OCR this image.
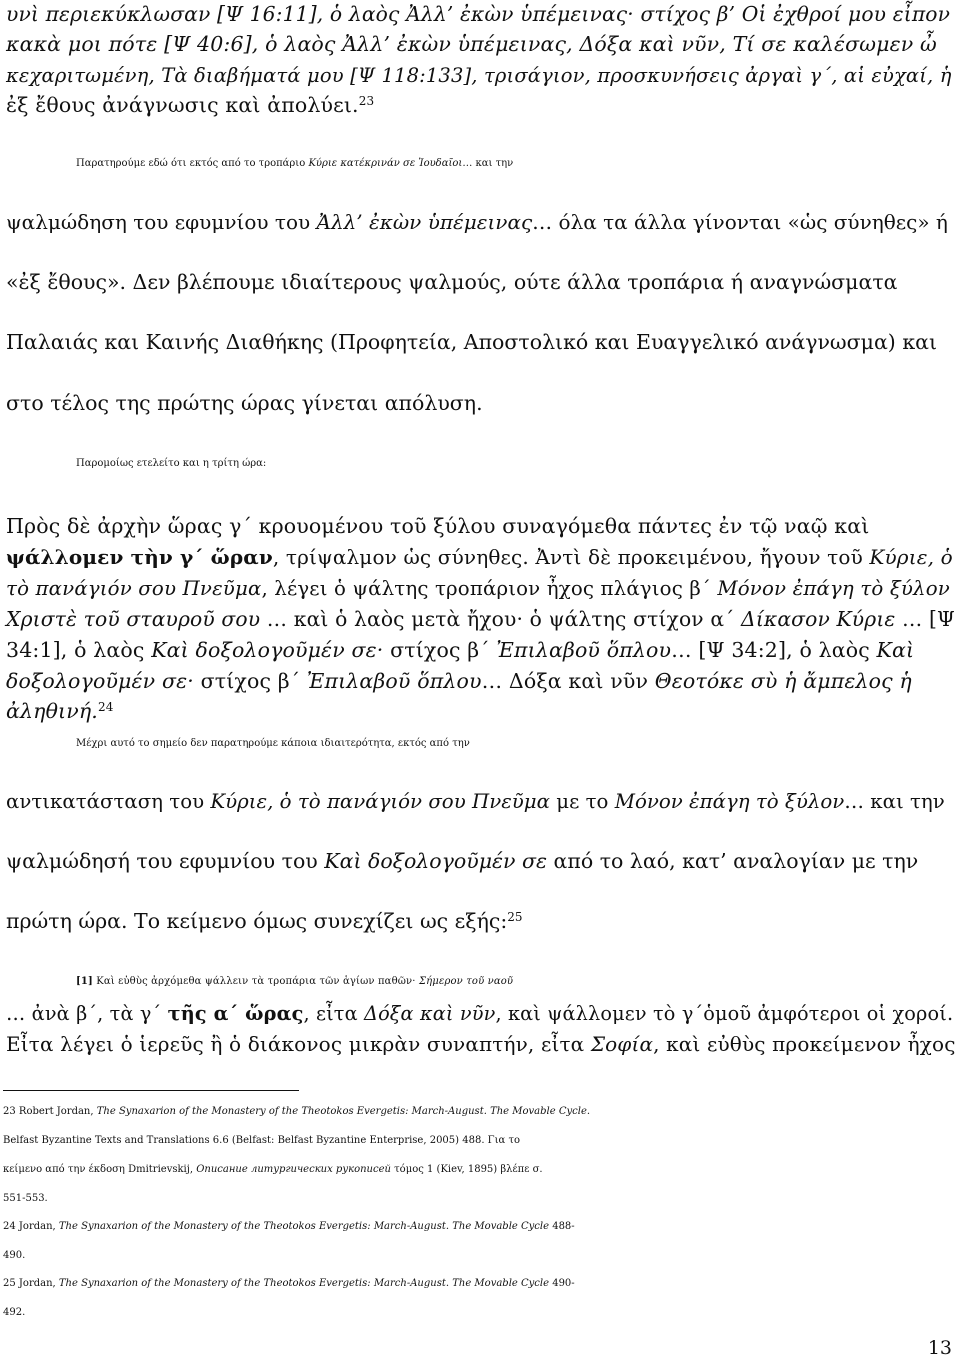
υνὶ περιεκύκλωσαν [Ψ 16:11], ὁ λαὸς Ἀλλ’ ἐκὼν ὑπέμεινας· στίχος β’ Οἱ ἐχθροί μου εἶπον

κακὰ μοι πότε [Ψ 40:6], ὁ λαὸς Ἀλλ’ ἐκὼν ὑπέμεινας, Δόξα καὶ νῦν, Τί σε καλέσωμεν ὦ

κεχαριτωμένη, Τὰ διαβήματά μου [Ψ 118:133], τρισάγιον, προσκυνήσεις ἀργαὶ γ΄, αἱ εὐχαί, ἡ

ἐξ ἔθους ἀνάγνωσις καὶ ἀπολύει.$^{23}$

Παρατηρούμε εδώ ότι εκτός από το τροπάριο Κύριε κατέκρινάν σε Ἰουδαῖοι… και την

ψαλμώδηση του εφυμνίου του Ἀλλ’ ἐκὼν ὑπέμεινας… όλα τα άλλα γίνονται «ὡς σύνηθες» ή

«ἐξ ἔθους». Δεν βλέπουμε ιδιαίτερους ψαλμούς, ούτε άλλα τροπάρια ή αναγνώσματα

Παλαιάς και Καινής Διαθήκης (Προφητεία, Αποστολικό και Ευαγγελικό ανάγνωσμα) και

στο τέλος της πρώτης ώρας γίνεται απόλυση.

Παρομοίως ετελείτο και η τρίτη ώρα:

Πρὸς δὲ ἀρχὴν ὥρας γ΄ κρουομένου τοῦ ξύλου συναγόμεθα πάντες ἐν τῷ ναῷ καὶ

ψάλλομεν τὴν γ΄ ὥραν, τρίψαλμον ὡς σύνηθες. Ἀντὶ δὲ προκειμένου, ἤγουν τοῦ Κύριε, ὁ

τὸ πανάγιόν σου Πνεῦμα, λέγει ὁ ψάλτης τροπάριον ἦχος πλάγιος β΄ Μόνον ἐπάγη τὸ ξύλον

Χριστὲ τοῦ σταυροῦ σου … καὶ ὁ λαὸς μετὰ ἤχου· ὁ ψάλτης στίχον α΄ Δίκασον Κύριε … [Ψ

34:1], ὁ λαὸς Καὶ δοξολογοῦμέν σε· στίχος β΄ Ἐπιλαβοῦ ὅπλου… [Ψ 34:2], ὁ λαὸς Καὶ

δοξολογοῦμέν σε· στίχος β΄ Ἐπιλαβοῦ ὅπλου… Δόξα καὶ νῦν Θεοτόκε σὺ ἡ ἄμπελος ἡ

ἀληθινή.$^{24}$

Μέχρι αυτό το σημείο δεν παρατηρούμε κάποια ιδιαιτερότητα, εκτός από την

αντικατάσταση του Κύριε, ὁ τὸ πανάγιόν σου Πνεῦμα με το Μόνον ἐπάγη τὸ ξύλον… και την

ψαλμώδησή του εφυμνίου του Καὶ δοξολογοῦμέν σε από το λαό, κατ’ αναλογίαν με την

πρώτη ώρα. Το κείμενο όμως συνεχίζει ως εξής:$^{25}$

[1] Καὶ εὐθὺς ἀρχόμεθα ψάλλειν τὰ τροπάρια τῶν ἁγίων παθῶν· Σήμερον τοῦ ναοῦ

… ἀνὰ β΄, τὰ γ΄ τῆς α΄ ὥρας, εἶτα Δόξα καὶ νῦν, καὶ ψάλλομεν τὸ γ΄ὁμοῦ ἀμφότεροι οἱ χοροί.

Εἶτα λέγει ὁ ἱερεῦς ἢ ὁ διάκονος μικρὰν συναπτήν, εἶτα Σοφία, καὶ εὐθὺς προκείμενον ἦχος

23 Robert Jordan, The Synaxarion of the Monastery of the Theotokos Evergetis: March-August. The Movable Cycle.

Belfast Byzantine Texts and Translations 6.6 (Belfast: Belfast Byzantine Enterprise, 2005) 488. Για το

κείμενο από την έκδοση Dmitrievskij, Описание литургических рукописей τόμος 1 (Kiev, 1895) βλέπε σ.

551-553.

24 Jordan, The Synaxarion of the Monastery of the Theotokos Evergetis: March-August. The Movable Cycle 488-

490.

25 Jordan, The Synaxarion of the Monastery of the Theotokos Evergetis: March-August. The Movable Cycle 490-

492.

13
